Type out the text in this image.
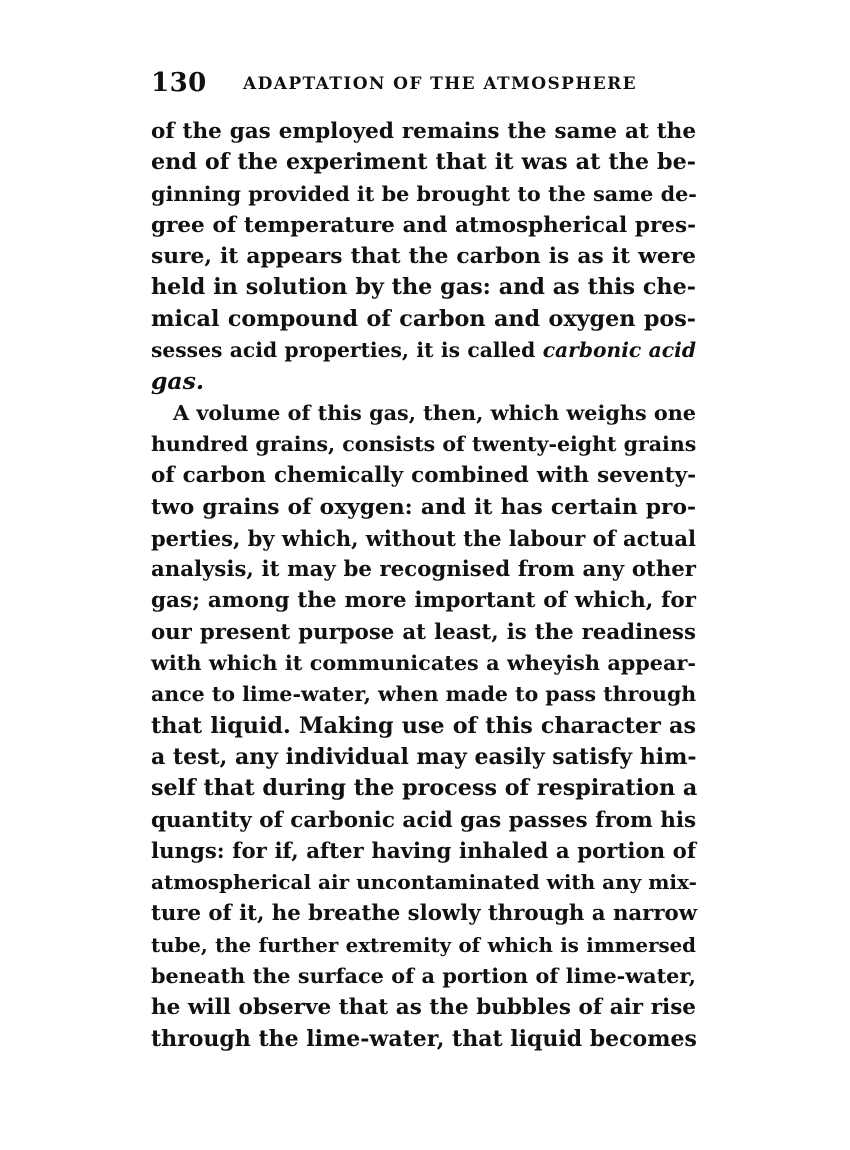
130 ADAPTATION OF THE ATMOSPHERE
of the gas employed remains the same at the
end of the experiment that it was at the be-
ginning provided it be brought to the same de-
gree of temperature and atmospherical pres-
sure, it appears that the carbon is as it were
held in solution by the gas: and as this che-
mical compound of carbon and oxygen pos-
sesses acid properties, it is called carbonic acid
gas.
A volume of this gas, then, which weighs one
hundred grains, consists of twenty-eight grains
of carbon chemically combined with seventy-
two grains of oxygen: and it has certain pro-
perties, by which, without the labour of actual
analysis, it may be recognised from any other
gas; among the more important of which, for
our present purpose at least, is the readiness
with which it communicates a wheyish appear-
ance to lime-water, when made to pass through
that liquid. Making use of this character as
a test, any individual may easily satisfy him-
self that during the process of respiration a
quantity of carbonic acid gas passes from his
lungs: for if, after having inhaled a portion of
atmospherical air uncontaminated with any mix-
ture of it, he breathe slowly through a narrow
tube, the further extremity of which is immersed
beneath the surface of a portion of lime-water,
he will observe that as the bubbles of air rise
through the lime-water, that liquid becomes
